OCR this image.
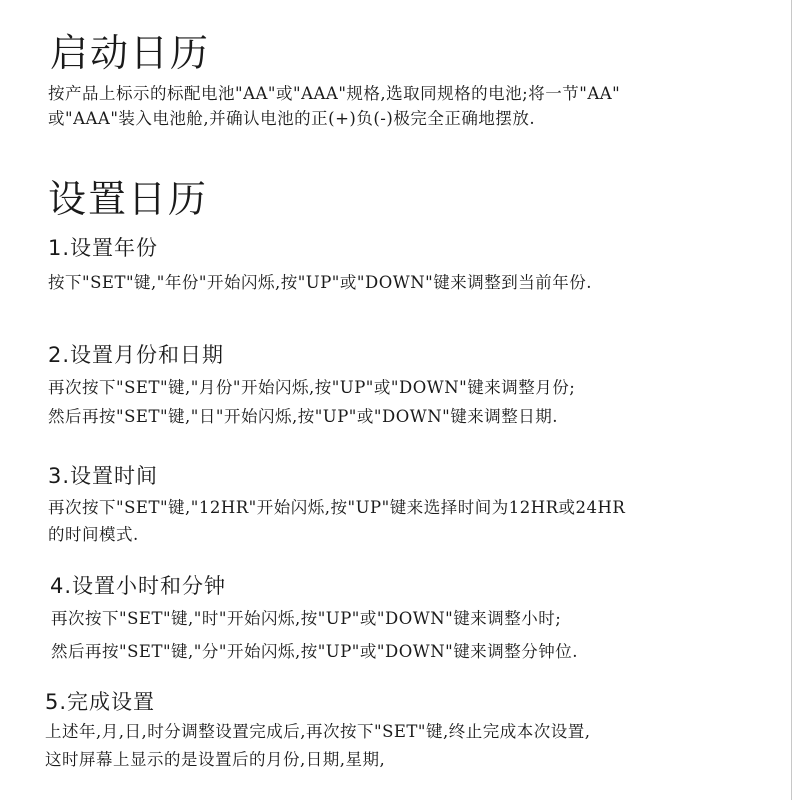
启动日历
按产品上标示的标配电池"AA"或"AAA"规格,选取同规格的电池;将一节"AA"
或"AAA"装入电池舱,并确认电池的正(+)负(-)极完全正确地摆放.
设置日历
1.设置年份
按下"SET"键,"年份"开始闪烁,按"UP"或"DOWN"键来调整到当前年份.
2.设置月份和日期
再次按下"SET"键,"月份"开始闪烁,按"UP"或"DOWN"键来调整月份;
然后再按"SET"键,"日"开始闪烁,按"UP"或"DOWN"键来调整日期.
3.设置时间
再次按下"SET"键,"12HR"开始闪烁,按"UP"键来选择时间为12HR或24HR
的时间模式.
4.设置小时和分钟
再次按下"SET"键,"时"开始闪烁,按"UP"或"DOWN"键来调整小时;
然后再按"SET"键,"分"开始闪烁,按"UP"或"DOWN"键来调整分钟位.
5.完成设置
上述年,月,日,时分调整设置完成后,再次按下"SET"键,终止完成本次设置,
这时屏幕上显示的是设置后的月份,日期,星期,
